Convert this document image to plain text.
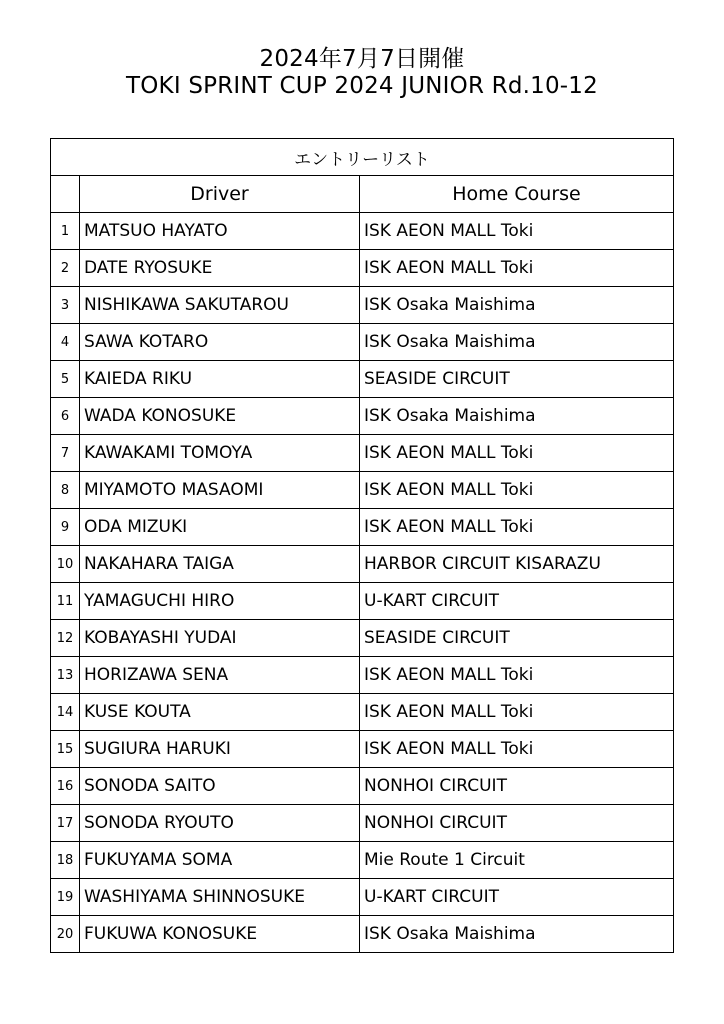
2024年7月7日開催
TOKI SPRINT CUP 2024 JUNIOR Rd.10-12
エントリーリスト		
	Driver	Home Course
1	MATSUO HAYATO	ISK AEON MALL Toki
2	DATE RYOSUKE	ISK AEON MALL Toki
3	NISHIKAWA SAKUTAROU	ISK Osaka Maishima
4	SAWA KOTARO	ISK Osaka Maishima
5	KAIEDA RIKU	SEASIDE CIRCUIT
6	WADA KONOSUKE	ISK Osaka Maishima
7	KAWAKAMI TOMOYA	ISK AEON MALL Toki
8	MIYAMOTO MASAOMI	ISK AEON MALL Toki
9	ODA MIZUKI	ISK AEON MALL Toki
10	NAKAHARA TAIGA	HARBOR CIRCUIT KISARAZU
11	YAMAGUCHI HIRO	U-KART CIRCUIT
12	KOBAYASHI YUDAI	SEASIDE CIRCUIT
13	HORIZAWA SENA	ISK AEON MALL Toki
14	KUSE KOUTA	ISK AEON MALL Toki
15	SUGIURA HARUKI	ISK AEON MALL Toki
16	SONODA SAITO	NONHOI CIRCUIT
17	SONODA RYOUTO	NONHOI CIRCUIT
18	FUKUYAMA SOMA	Mie Route 1 Circuit
19	WASHIYAMA SHINNOSUKE	U-KART CIRCUIT
20	FUKUWA KONOSUKE	ISK Osaka Maishima
